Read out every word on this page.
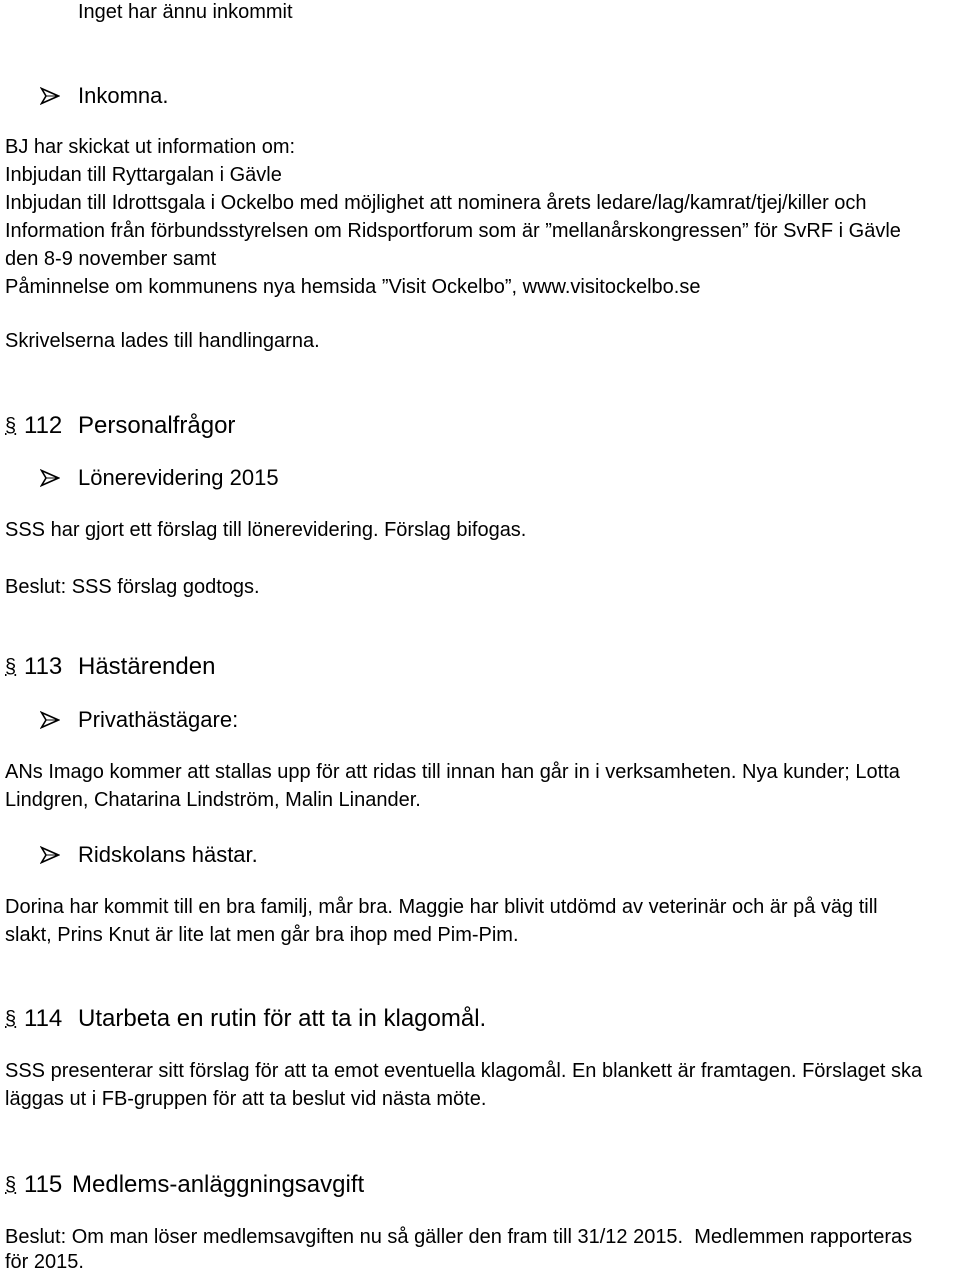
Inget har ännu inkommit
Inkomna.
BJ har skickat ut information om:
Inbjudan till Ryttargalan i Gävle
Inbjudan till Idrottsgala i Ockelbo med möjlighet att nominera årets ledare/lag/kamrat/tjej/killer och
Information från förbundsstyrelsen om Ridsportforum som är ”mellanårskongressen” för SvRF i Gävle
den 8-9 november samt
Påminnelse om kommunens nya hemsida ”Visit Ockelbo”, www.visitockelbo.se
Skrivelserna lades till handlingarna.
§ 112 Personalfrågor
Lönerevidering 2015
SSS har gjort ett förslag till lönerevidering. Förslag bifogas.
Beslut: SSS förslag godtogs.
§ 113 Hästärenden
Privathästägare:
ANs Imago kommer att stallas upp för att ridas till innan han går in i verksamheten. Nya kunder; Lotta
Lindgren, Chatarina Lindström, Malin Linander.
Ridskolans hästar.
Dorina har kommit till en bra familj, mår bra. Maggie har blivit utdömd av veterinär och är på väg till
slakt, Prins Knut är lite lat men går bra ihop med Pim-Pim.
§ 114 Utarbeta en rutin för att ta in klagomål.
SSS presenterar sitt förslag för att ta emot eventuella klagomål. En blankett är framtagen. Förslaget ska
läggas ut i FB-gruppen för att ta beslut vid nästa möte.
§ 115 Medlems-anläggningsavgift
Beslut: Om man löser medlemsavgiften nu så gäller den fram till 31/12 2015.  Medlemmen rapporteras
för 2015.
